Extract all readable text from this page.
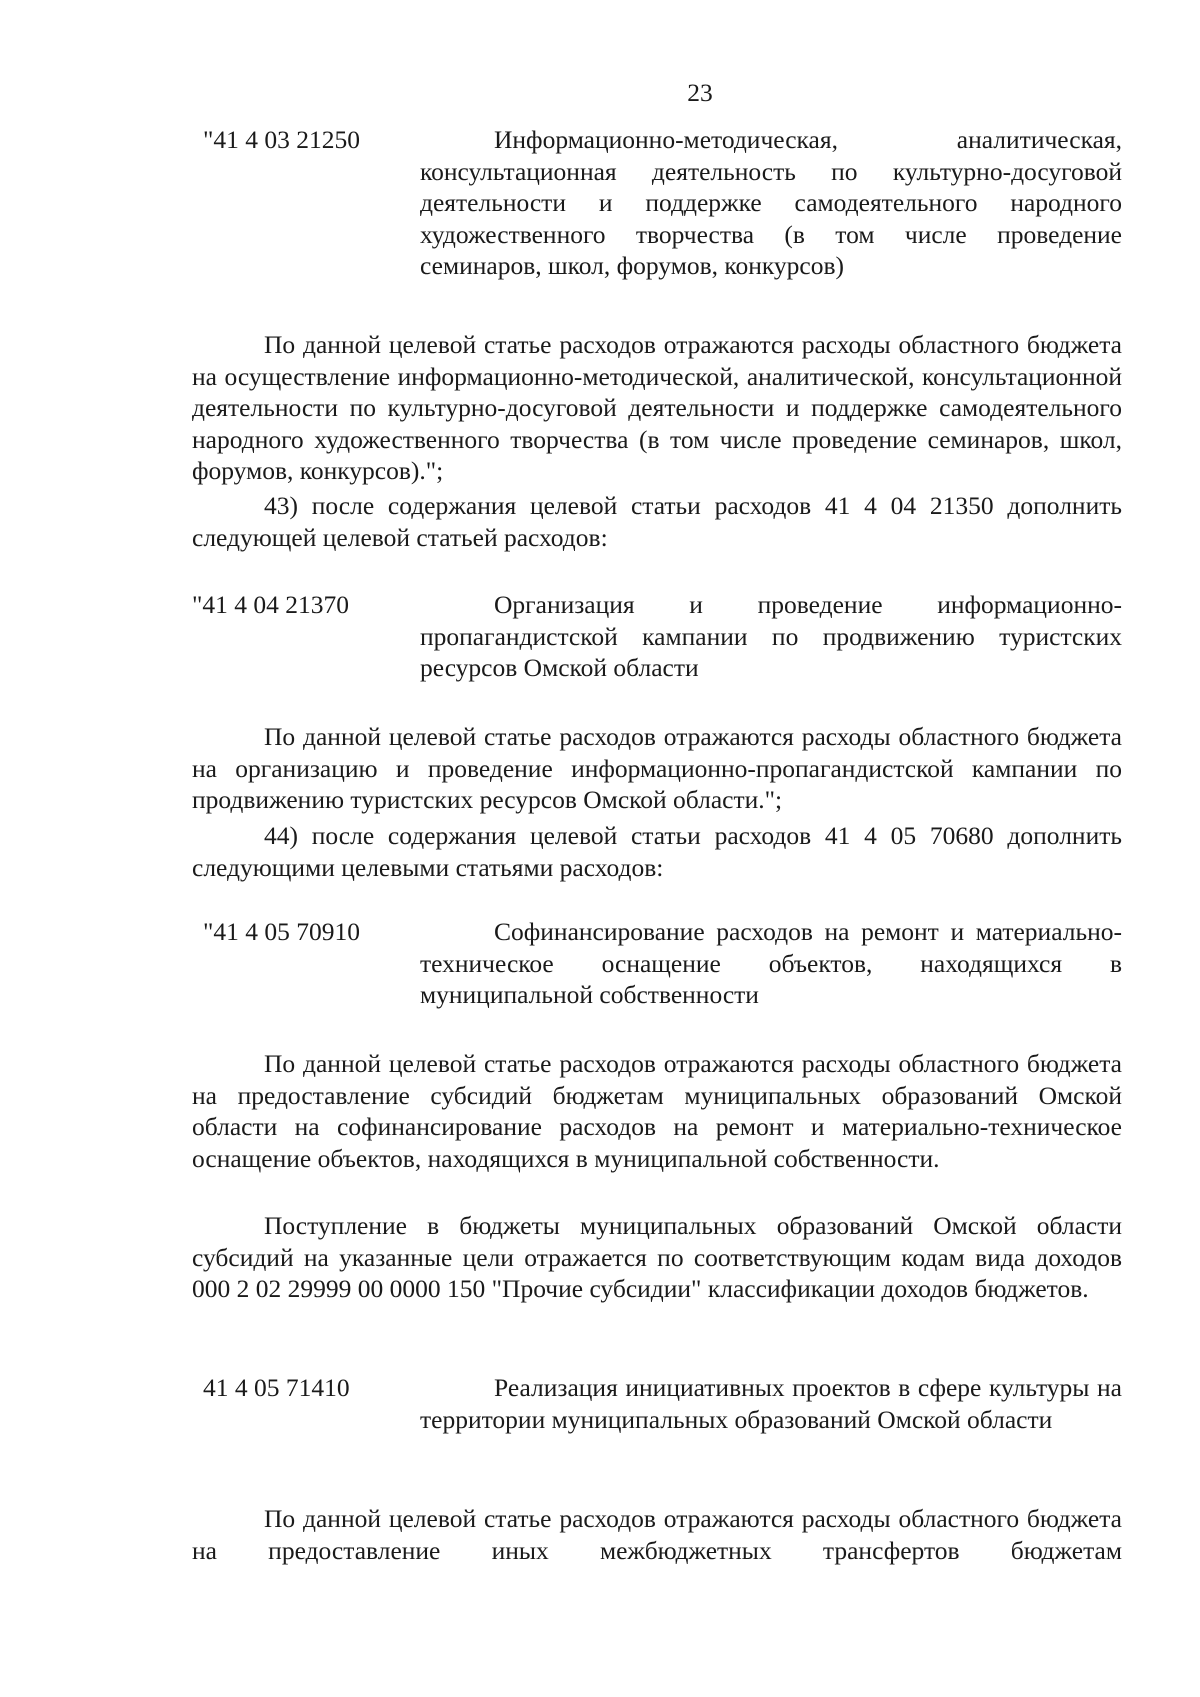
23
"41 4 03 21250	Информационно-методическая, аналитическая, консультационная деятельность по культурно-досуговой деятельности и поддержке самодеятельного народного художественного творчества (в том числе проведение семинаров, школ, форумов, конкурсов)

По данной целевой статье расходов отражаются расходы областного бюджета на осуществление информационно-методической, аналитической, консультационной деятельности по культурно-досуговой деятельности и поддержке самодеятельного народного художественного творчества (в том числе проведение семинаров, школ, форумов, конкурсов).";

43) после содержания целевой статьи расходов 41 4 04 21350 дополнить следующей целевой статьей расходов:

"41 4 04 21370	Организация и проведение информационно-пропагандистской кампании по продвижению туристских ресурсов Омской области

По данной целевой статье расходов отражаются расходы областного бюджета на организацию и проведение информационно-пропагандистской кампании по продвижению туристских ресурсов Омской области.";

44) после содержания целевой статьи расходов 41 4 05 70680 дополнить следующими целевыми статьями расходов:

"41 4 05 70910	Софинансирование расходов на ремонт и материально-техническое оснащение объектов, находящихся в муниципальной собственности

По данной целевой статье расходов отражаются расходы областного бюджета на предоставление субсидий бюджетам муниципальных образований Омской области на софинансирование расходов на ремонт и материально-техническое оснащение объектов, находящихся в муниципальной собственности.

Поступление в бюджеты муниципальных образований Омской области субсидий на указанные цели отражается по соответствующим кодам вида доходов 000 2 02 29999 00 0000 150 "Прочие субсидии" классификации доходов бюджетов.

41 4 05 71410	Реализация инициативных проектов в сфере культуры на территории муниципальных образований Омской области

По данной целевой статье расходов отражаются расходы областного бюджета на предоставление иных межбюджетных трансфертов бюджетам
